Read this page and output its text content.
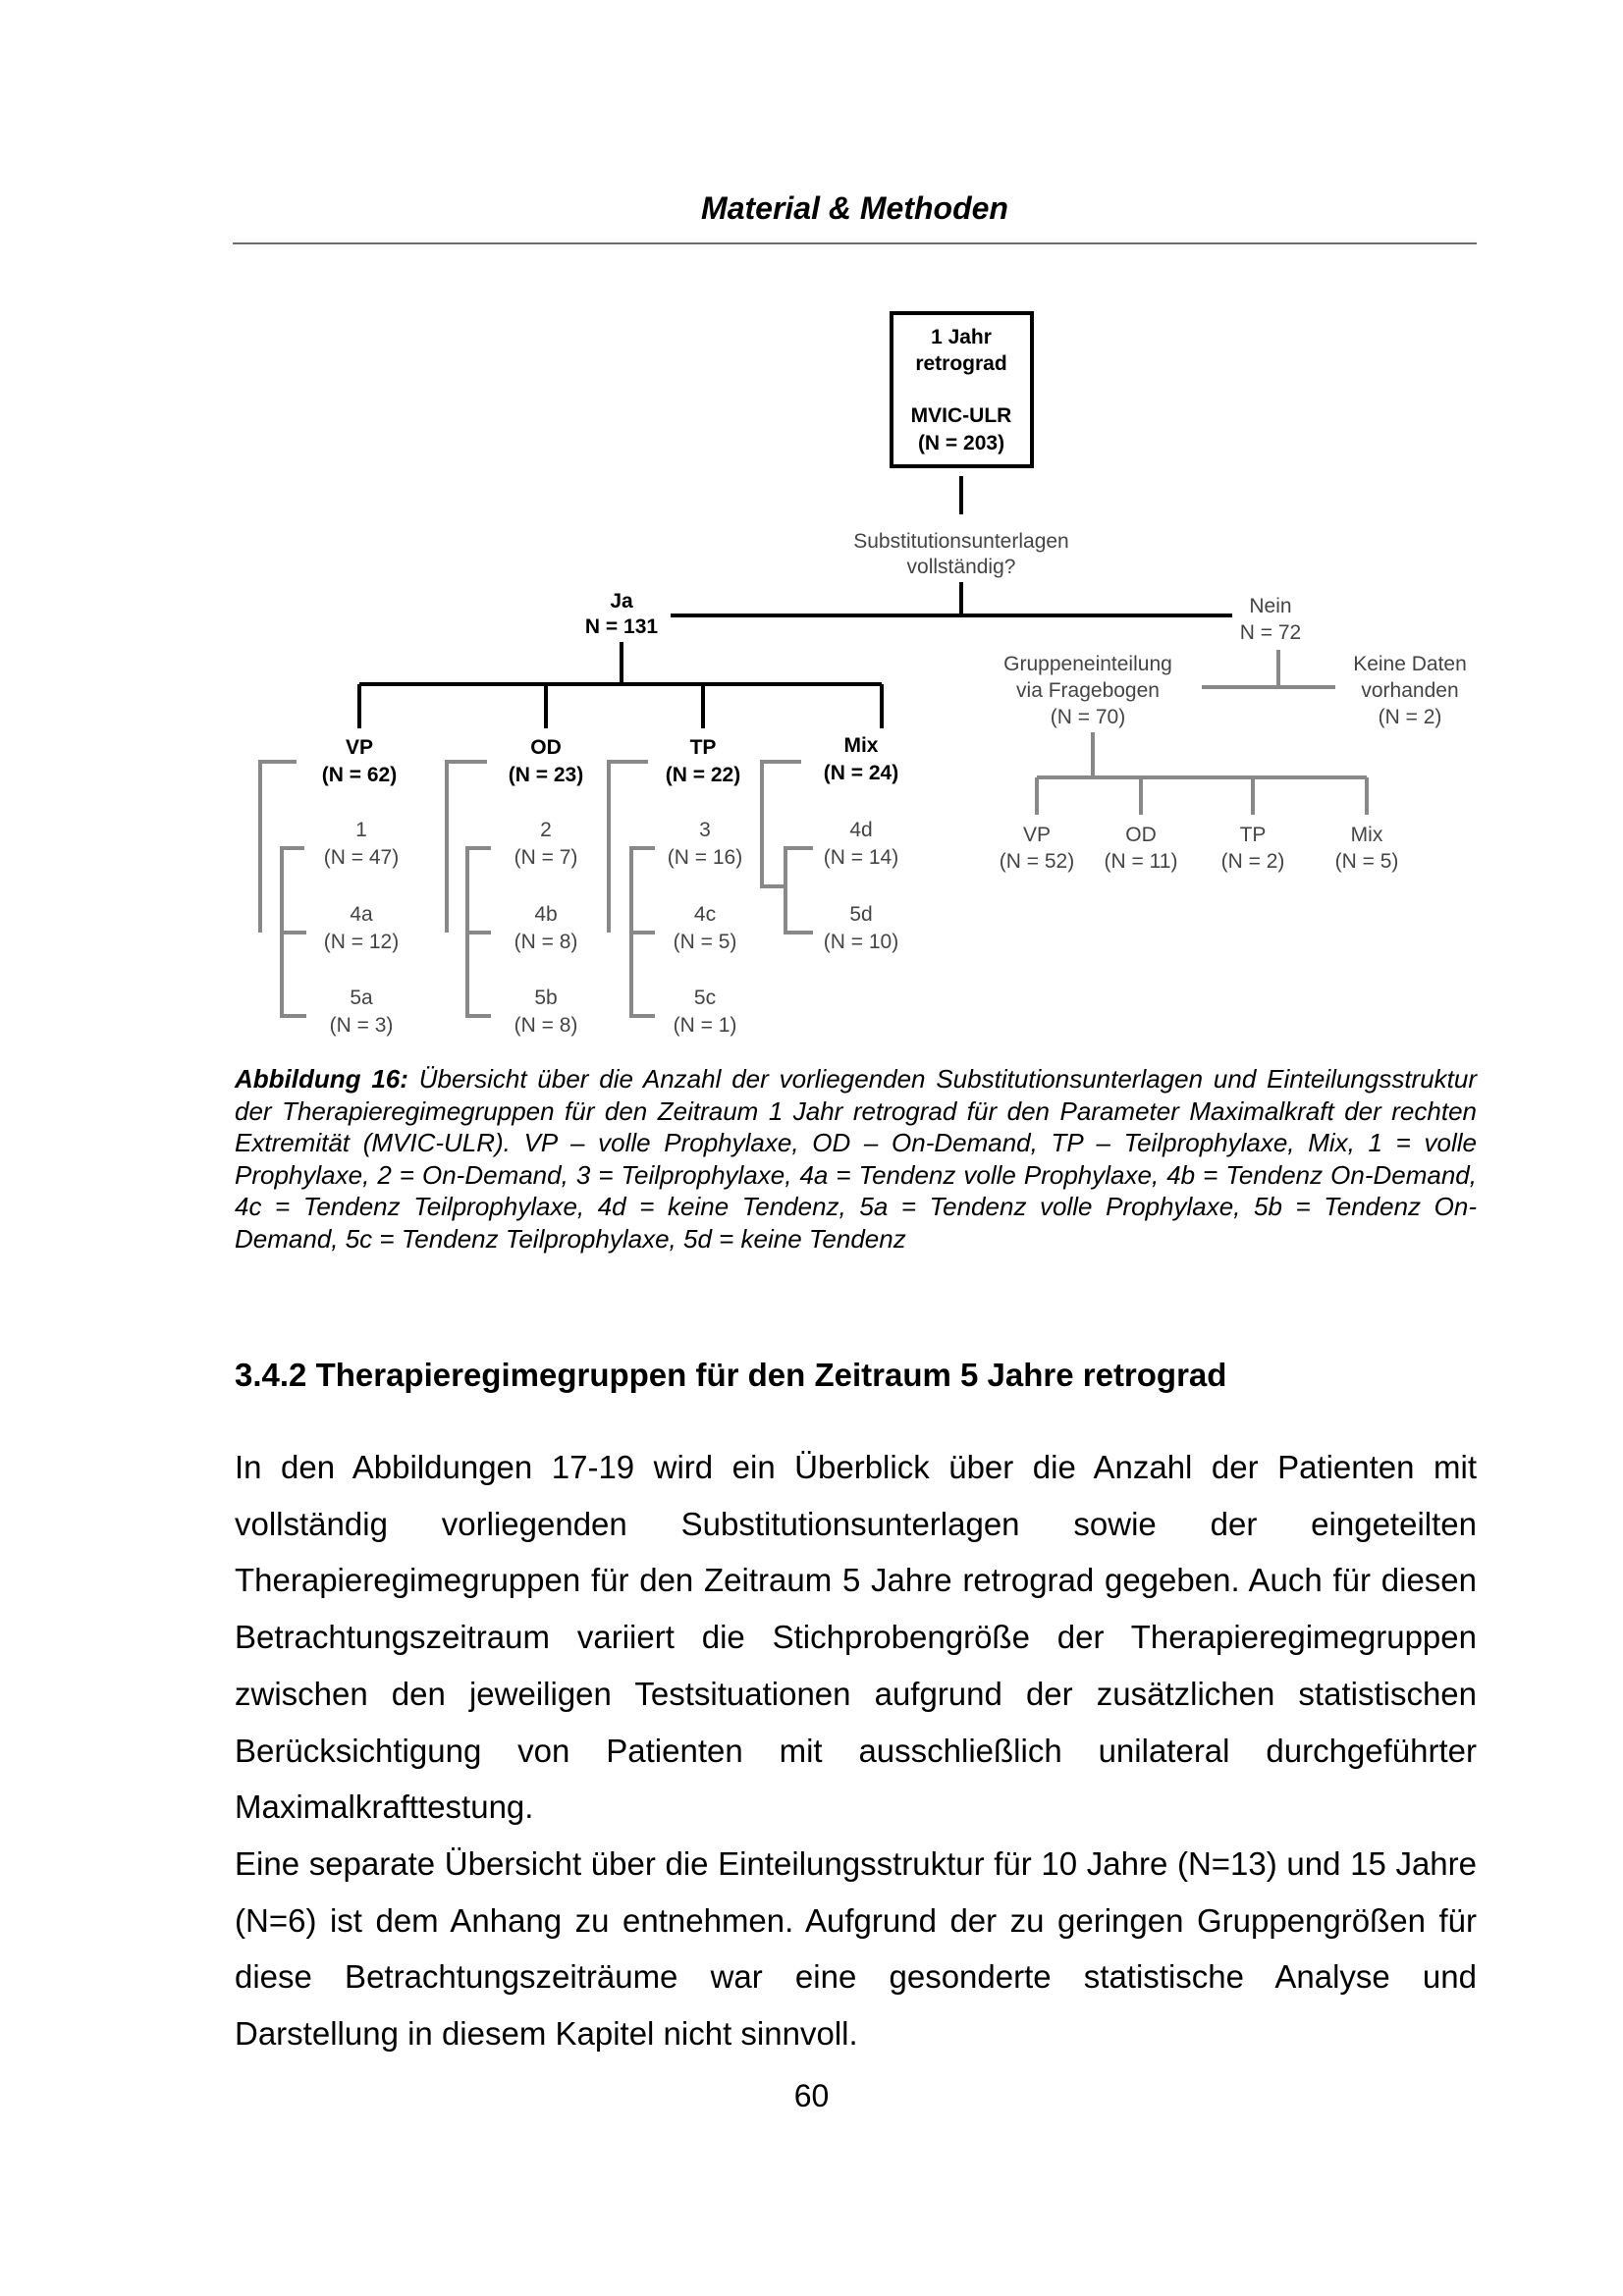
Material & Methoden
1 Jahr
retrograd
MVIC-ULR
(N = 203)
Substitutionsunterlagen
vollständig?
Ja
N = 131
Nein
N = 72
VP
(N = 62)
OD
(N = 23)
TP
(N = 22)
Mix
(N = 24)
1
(N = 47)
4a
(N = 12)
5a
(N = 3)
2
(N = 7)
4b
(N = 8)
5b
(N = 8)
3
(N = 16)
4c
(N = 5)
5c
(N = 1)
4d
(N = 14)
5d
(N = 10)
Gruppeneinteilung
via Fragebogen
(N = 70)
Keine Daten
vorhanden
(N = 2)
VP
(N = 52)
OD
(N = 11)
TP
(N = 2)
Mix
(N = 5)
Abbildung 16: Übersicht über die Anzahl der vorliegenden Substitutionsunterlagen und Einteilungsstruktur der Therapieregimegruppen für den Zeitraum 1 Jahr retrograd für den Parameter Maximalkraft der rechten Extremität (MVIC-ULR). VP – volle Prophylaxe, OD – On-Demand, TP – Teilprophylaxe, Mix, 1 = volle Prophylaxe, 2 = On-Demand, 3 = Teilprophylaxe, 4a = Tendenz volle Prophylaxe, 4b = Tendenz On-Demand, 4c = Tendenz Teilprophylaxe, 4d = keine Tendenz, 5a = Tendenz volle Prophylaxe, 5b = Tendenz On-Demand, 5c = Tendenz Teilprophylaxe, 5d = keine Tendenz
3.4.2 Therapieregimegruppen für den Zeitraum 5 Jahre retrograd

In den Abbildungen 17-19 wird ein Überblick über die Anzahl der Patienten mit vollständig vorliegenden Substitutionsunterlagen sowie der eingeteilten Therapieregimegruppen für den Zeitraum 5 Jahre retrograd gegeben. Auch für diesen Betrachtungszeitraum variiert die Stichprobengröße der Therapieregimegruppen zwischen den jeweiligen Testsituationen aufgrund der zusätzlichen statistischen Berücksichtigung von Patienten mit ausschließlich unilateral durchgeführter Maximalkrafttestung.

Eine separate Übersicht über die Einteilungsstruktur für 10 Jahre (N=13) und 15 Jahre (N=6) ist dem Anhang zu entnehmen. Aufgrund der zu geringen Gruppengrößen für diese Betrachtungszeiträume war eine gesonderte statistische Analyse und Darstellung in diesem Kapitel nicht sinnvoll.

60
